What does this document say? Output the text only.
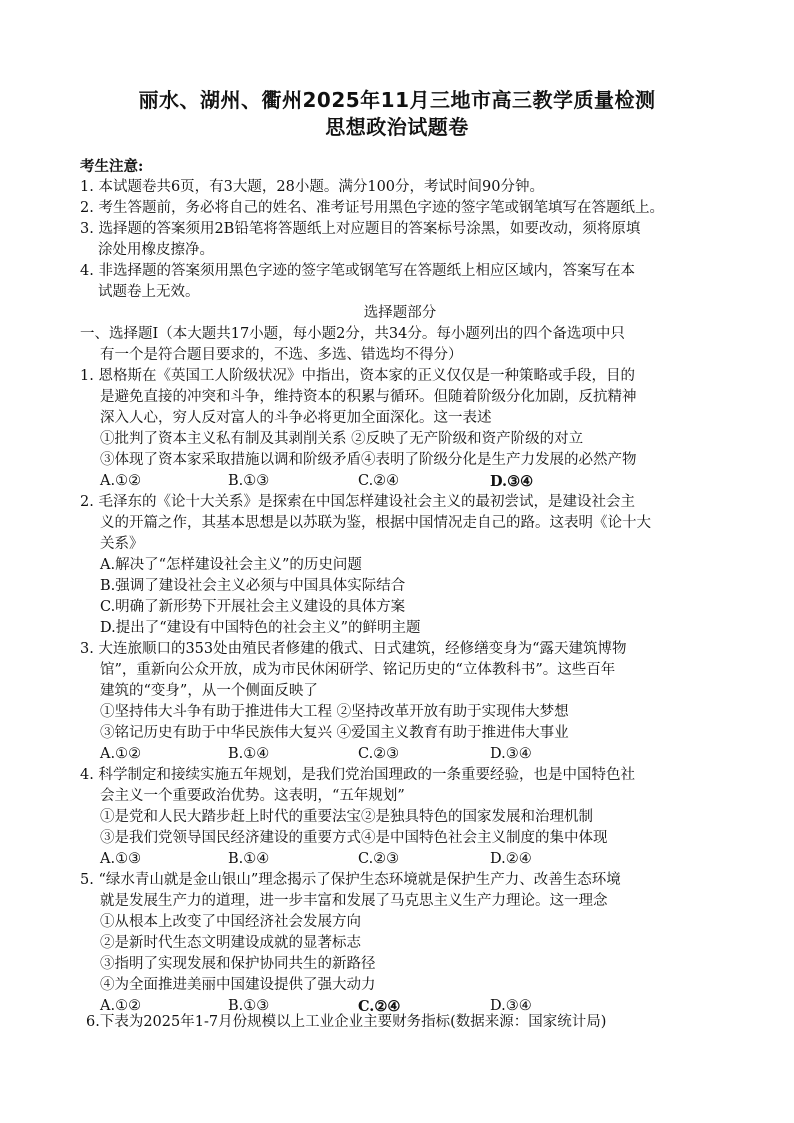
丽水、湖州、衢州2025年11月三地市高三教学质量检测
思想政治试题卷
考生注意:
1. 本试题卷共6页，有3大题，28小题。满分100分，考试时间90分钟。
2. 考生答题前，务必将自己的姓名、准考证号用黑色字迹的签字笔或钢笔填写在答题纸上。
3. 选择题的答案须用2B铅笔将答题纸上对应题目的答案标号涂黑，如要改动，须将原填
涂处用橡皮擦净。
4. 非选择题的答案须用黑色字迹的签字笔或钢笔写在答题纸上相应区域内，答案写在本
试题卷上无效。
选择题部分
一、选择题Ⅰ（本大题共17小题，每小题2分，共34分。每小题列出的四个备选项中只
有一个是符合题目要求的，不选、多选、错选均不得分）
1. 恩格斯在《英国工人阶级状况》中指出，资本家的正义仅仅是一种策略或手段，目的
是避免直接的冲突和斗争，维持资本的积累与循环。但随着阶级分化加剧，反抗精神
深入人心，穷人反对富人的斗争必将更加全面深化。这一表述
①批判了资本主义私有制及其剥削关系 ②反映了无产阶级和资产阶级的对立
③体现了资本家采取措施以调和阶级矛盾④表明了阶级分化是生产力发展的必然产物
A.①②	B.①③	C.②④	D.③④
2. 毛泽东的《论十大关系》是探索在中国怎样建设社会主义的最初尝试，是建设社会主
义的开篇之作，其基本思想是以苏联为鉴，根据中国情况走自己的路。这表明《论十大
关系》
A.解决了“怎样建设社会主义”的历史问题
B.强调了建设社会主义必须与中国具体实际结合
C.明确了新形势下开展社会主义建设的具体方案
D.提出了“建设有中国特色的社会主义”的鲜明主题
3. 大连旅顺口的353处由殖民者修建的俄式、日式建筑，经修缮变身为“露天建筑博物
馆”，重新向公众开放，成为市民休闲研学、铭记历史的“立体教科书”。这些百年
建筑的“变身”，从一个侧面反映了
①坚持伟大斗争有助于推进伟大工程 ②坚持改革开放有助于实现伟大梦想
③铭记历史有助于中华民族伟大复兴 ④爱国主义教育有助于推进伟大事业
A.①②	B.①④	C.②③	D.③④
4. 科学制定和接续实施五年规划，是我们党治国理政的一条重要经验，也是中国特色社
会主义一个重要政治优势。这表明，“五年规划”
①是党和人民大踏步赶上时代的重要法宝②是独具特色的国家发展和治理机制
③是我们党领导国民经济建设的重要方式④是中国特色社会主义制度的集中体现
A.①③	B.①④	C.②③	D.②④
5. “绿水青山就是金山银山”理念揭示了保护生态环境就是保护生产力、改善生态环境
就是发展生产力的道理，进一步丰富和发展了马克思主义生产力理论。这一理念
①从根本上改变了中国经济社会发展方向
②是新时代生态文明建设成就的显著标志
③指明了实现发展和保护协同共生的新路径
④为全面推进美丽中国建设提供了强大动力
A.①②	B.①③	C.②④	D.③④
6.下表为2025年1-7月份规模以上工业企业主要财务指标(数据来源：国家统计局)
